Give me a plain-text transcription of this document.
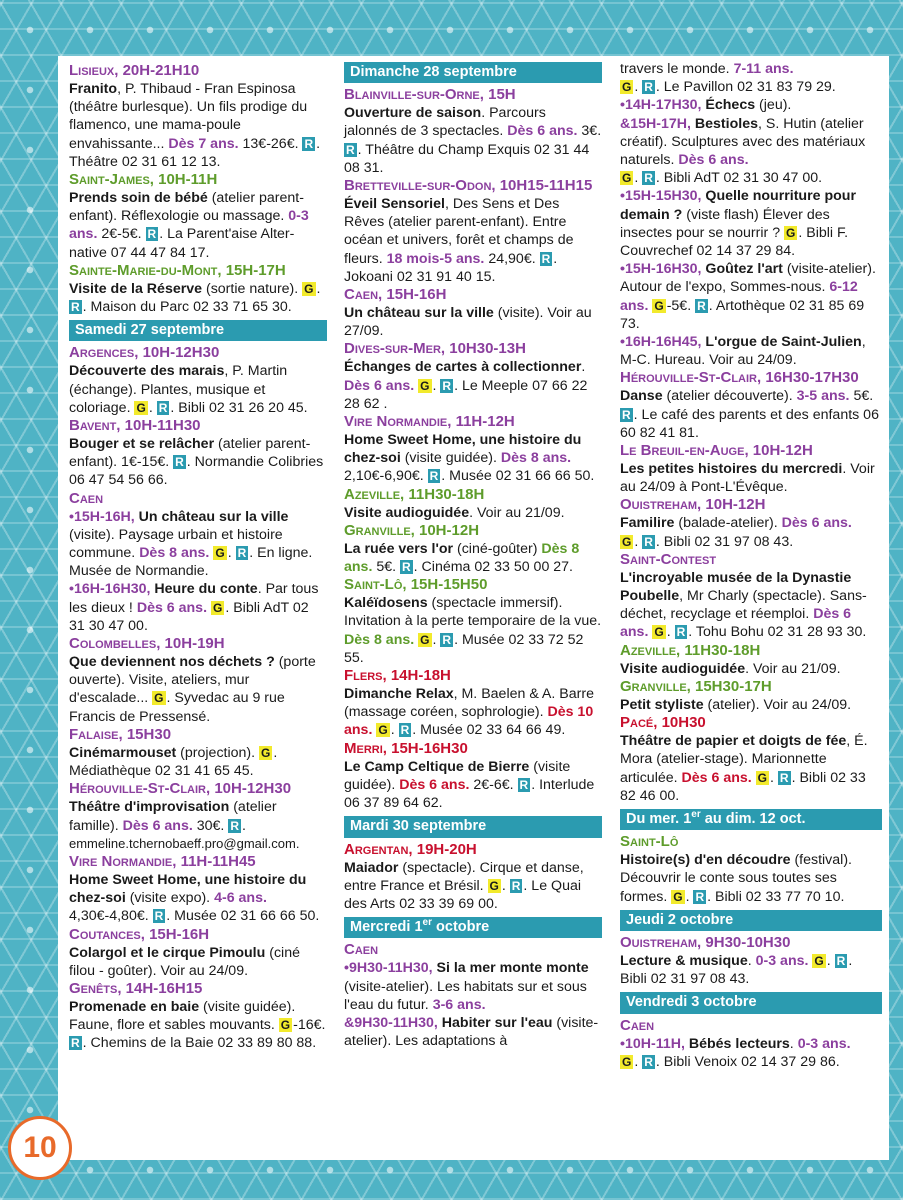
Lisieux, 20H-21H10

Franito, P. Thibaud - Fran Espinosa (théâtre burlesque). Un fils prodige du flamenco, une mama-poule envahissante... Dès 7 ans. 13€-26€. R . Théâtre 02 31 61 12 13.

Saint-James, 10H-11H

Prends soin de bébé (atelier parent-enfant). Réflexologie ou massage. 0-3 ans. 2€-5€. R . La Parent'aise Alter-native 07 44 47 84 17.

Sainte-Marie-du-Mont, 15H-17H

Visite de la Réserve (sortie nature). G . R . Maison du Parc 02 33 71 65 30.

Samedi 27 septembre
Argences, 10H-12H30

Découverte des marais, P. Martin (échange). Plantes, musique et coloriage. G . R . Bibli 02 31 26 20 45.

Bavent, 10H-11H30

Bouger et se relâcher (atelier parent-enfant). 1€-15€. R . Normandie Colibries 06 47 54 56 66.

Caen

•15H-16H, Un château sur la ville (visite). Paysage urbain et histoire commune. Dès 8 ans. G . R . En ligne. Musée de Normandie.

•16H-16H30, Heure du conte. Par tous les dieux ! Dès 6 ans. G . Bibli AdT 02 31 30 47 00.

Colombelles, 10H-19H

Que deviennent nos déchets ? (porte ouverte). Visite, ateliers, mur d'escalade... G . Syvedac au 9 rue Francis de Pressensé.

Falaise, 15H30

Cinémarmouset (projection). G . Médiathèque 02 31 41 65 45.

Hérouville-St-Clair, 10H-12H30

Théâtre d'improvisation (atelier famille). Dès 6 ans. 30€. R .
emmeline.tchernobaeff.pro@gmail.com.

Vire Normandie, 11H-11H45

Home Sweet Home, une histoire du chez-soi (visite expo). 4-6 ans. 4,30€-4,80€. R . Musée 02 31 66 66 50.

Coutances, 15H-16H

Colargol et le cirque Pimoulu (ciné filou - goûter). Voir au 24/09.

Genêts, 14H-16H15

Promenade en baie (visite guidée). Faune, flore et sables mouvants. G -16€. R . Chemins de la Baie 02 33 89 80 88.

Dimanche 28 septembre
Blainville-sur-Orne, 15H

Ouverture de saison. Parcours jalonnés de 3 spectacles. Dès 6 ans. 3€. R . Théâtre du Champ Exquis 02 31 44 08 31.

Bretteville-sur-Odon, 10H15-11H15

Éveil Sensoriel, Des Sens et Des Rêves (atelier parent-enfant). Entre océan et univers, forêt et champs de fleurs. 18 mois-5 ans. 24,90€. R . Jokoani 02 31 91 40 15.

Caen, 15H-16H

Un château sur la ville (visite). Voir au 27/09.

Dives-sur-Mer, 10H30-13H

Échanges de cartes à collectionner. Dès 6 ans. G . R . Le Meeple 07 66 22 28 62 .

Vire Normandie, 11H-12H

Home Sweet Home, une histoire du chez-soi (visite guidée). Dès 8 ans. 2,10€-6,90€. R . Musée 02 31 66 66 50.

Azeville, 11H30-18H

Visite audioguidée. Voir au 21/09.

Granville, 10H-12H

La ruée vers l'or (ciné-goûter) Dès 8 ans. 5€. R . Cinéma 02 33 50 00 27.

Saint-Lô, 15H-15H50

Kaléïdosens (spectacle immersif). Invitation à la perte temporaire de la vue. Dès 8 ans. G . R . Musée 02 33 72 52 55.

Flers, 14H-18H

Dimanche Relax, M. Baelen & A. Barre (massage coréen, sophrologie). Dès 10 ans. G . R . Musée 02 33 64 66 49.

Merri, 15H-16H30

Le Camp Celtique de Bierre (visite guidée). Dès 6 ans. 2€-6€. R . Interlude 06 37 89 64 62.

Mardi 30 septembre
Argentan, 19H-20H

Maiador (spectacle). Cirque et danse, entre France et Brésil. G . R . Le Quai des Arts 02 33 39 69 00.

Mercredi 1er octobre
Caen

•9H30-11H30, Si la mer monte monte (visite-atelier). Les habitats sur et sous l'eau du futur. 3-6 ans.
&9H30-11H30, Habiter sur l'eau (visite-atelier). Les adaptations à

travers le monde. 7-11 ans.
G . R . Le Pavillon 02 31 83 79 29.

•14H-17H30, Échecs (jeu).
&15H-17H, Bestioles, S. Hutin (atelier créatif). Sculptures avec des matériaux naturels. Dès 6 ans.
G . R . Bibli AdT 02 31 30 47 00.

•15H-15H30, Quelle nourriture pour demain ? (viste flash) Élever des insectes pour se nourrir ? G . Bibli F. Couvrechef 02 14 37 29 84.

•15H-16H30, Goûtez l'art (visite-atelier). Autour de l'expo, Sommes-nous. 6-12 ans. G -5€. R . Artothèque 02 31 85 69 73.

•16H-16H45, L'orgue de Saint-Julien, M-C. Hureau. Voir au 24/09.

Hérouville-St-Clair, 16H30-17H30

Danse (atelier découverte). 3-5 ans. 5€. R . Le café des parents et des enfants 06 60 82 41 81.

Le Breuil-en-Auge, 10H-12H

Les petites histoires du mercredi. Voir au 24/09 à Pont-L'Évêque.

Ouistreham, 10H-12H

Familire (balade-atelier). Dès 6 ans.
G . R . Bibli 02 31 97 08 43.

Saint-Contest

L'incroyable musée de la Dynastie Poubelle, Mr Charly (spectacle). Sans-déchet, recyclage et réemploi. Dès 6 ans. G . R . Tohu Bohu 02 31 28 93 30.

Azeville, 11H30-18H

Visite audioguidée. Voir au 21/09.

Granville, 15H30-17H

Petit styliste (atelier). Voir au 24/09.

Pacé, 10H30

Théâtre de papier et doigts de fée, É. Mora (atelier-stage). Marionnette articulée. Dès 6 ans. G . R . Bibli 02 33 82 46 00.

Du mer. 1er au dim. 12 oct.
Saint-Lô

Histoire(s) d'en découdre (festival). Découvrir le conte sous toutes ses formes. G . R . Bibli 02 33 77 70 10.

Jeudi 2 octobre
Ouistreham, 9H30-10H30

Lecture & musique. 0-3 ans. G . R . Bibli 02 31 97 08 43.

Vendredi 3 octobre
Caen

•10H-11H, Bébés lecteurs. 0-3 ans.
G . R . Bibli Venoix 02 14 37 29 86.

10
